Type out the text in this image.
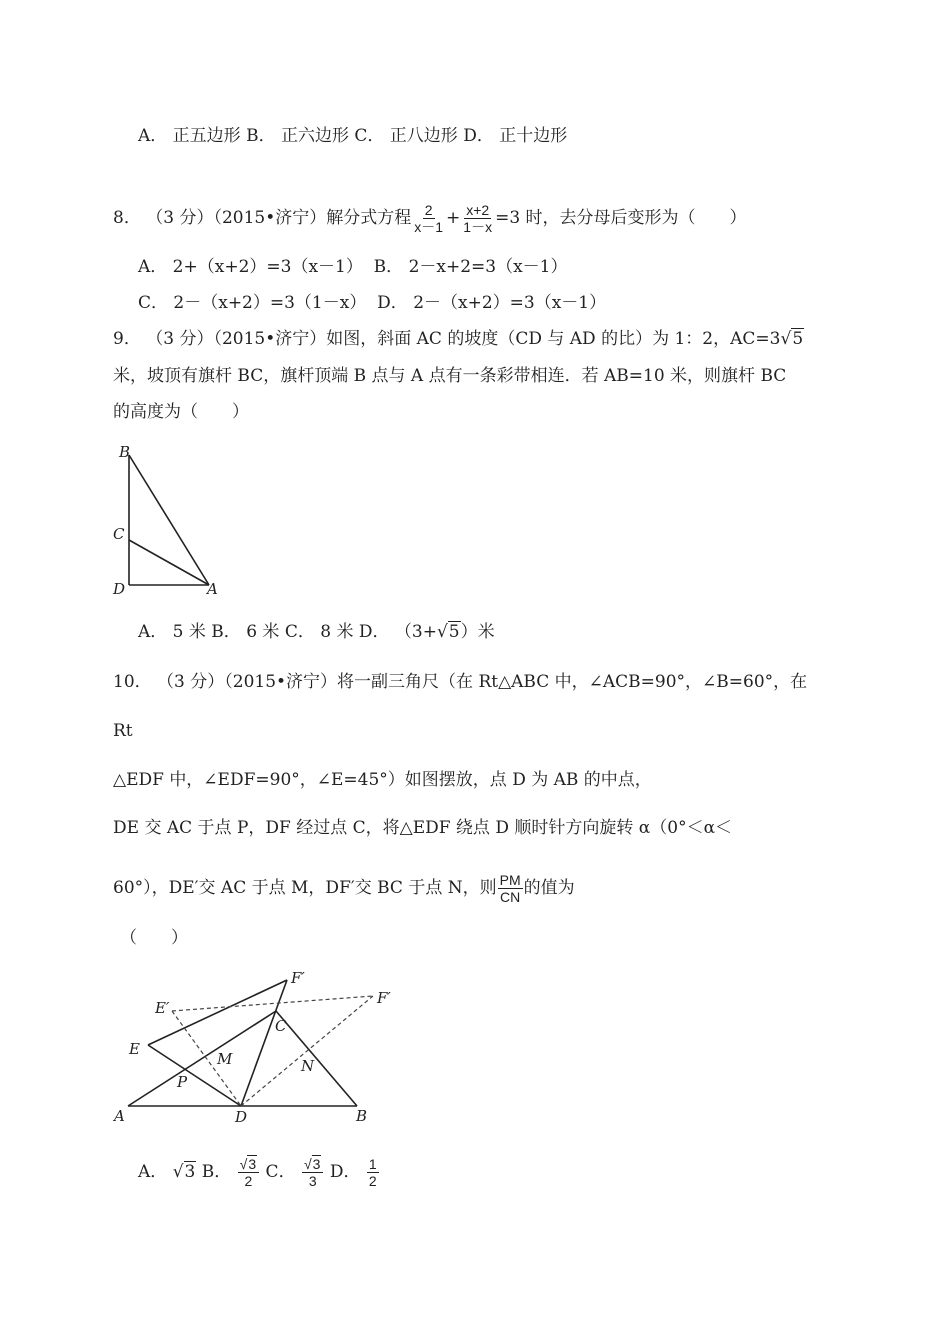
A． 正五边形 B． 正六边形 C． 正八边形 D． 正十边形
8． （3 分）（2015•济宁）解分式方程 $\frac{2}{x-1} + \frac{x+2}{1-x} =3$ 时，去分母后变形为（　　）
A． 2+（x+2）=3（x－1） B． 2－x+2=3（x－1）
C． 2－（x+2）=3（1－x） D． 2－（x+2）=3（x－1）
9． （3 分）（2015•济宁）如图，斜面 AC 的坡度（CD 与 AD 的比）为 1：2，AC=3√5
米，坡顶有旗杆 BC，旗杆顶端 B 点与 A 点有一条彩带相连．若 AB=10 米，则旗杆 BC
的高度为（　　）
B
C
D	A
A． 5 米 B． 6 米 C． 8 米 D． （3+√5）米
10． （3 分）（2015•济宁）将一副三角尺（在 Rt△ABC 中，∠ACB=90°，∠B=60°，在
Rt
△EDF 中，∠EDF=90°，∠E=45°）如图摆放，点 D 为 AB 的中点，
DE 交 AC 于点 P，DF 经过点 C，将△EDF 绕点 D 顺时针方向旋转 α（0°＜α＜
60°），DE′交 AC 于点 M，DF′交 BC 于点 N，则 $\frac{PM}{CN}$ 的值为
（　　）
F′
E′
F′
C
E
M	N
P
A	D	B
A． √3 B． $\frac{√3}{2}$ C． $\frac{√3}{3}$ D． $\frac{1}{2}$
